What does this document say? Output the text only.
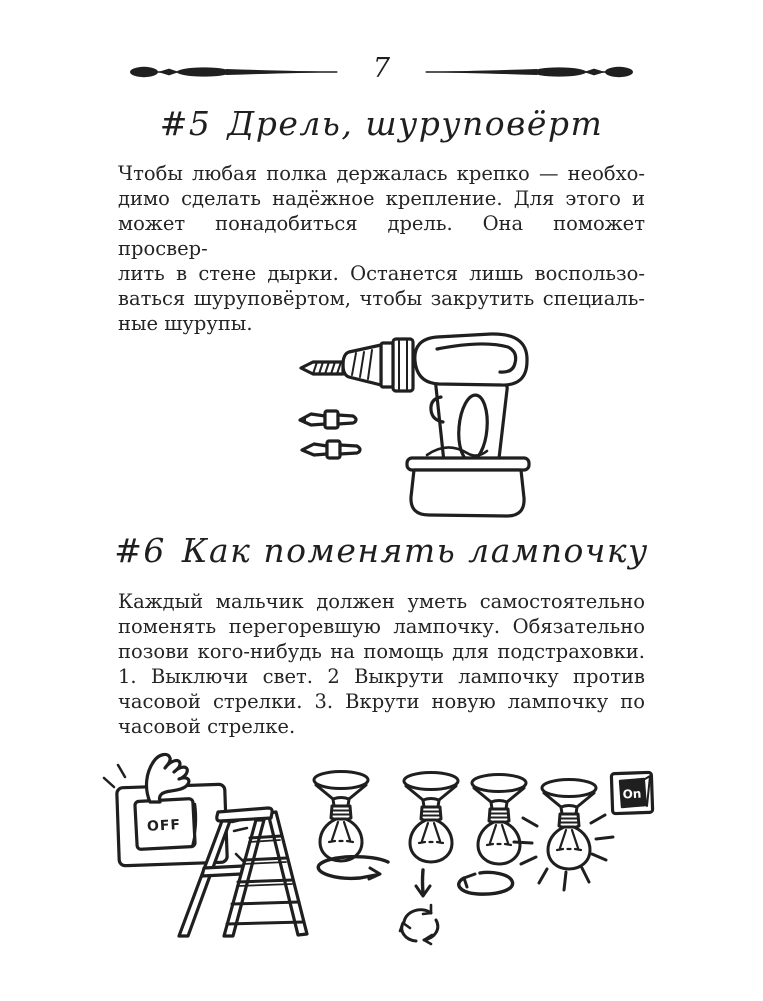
7
#5 Дрель, шуруповёрт
Чтобы любая полка держалась крепко — необхо-
димо сделать надёжное крепление. Для этого и
может понадобиться дрель. Она поможет просвер-
лить в стене дырки. Останется лишь воспользо-
ваться шуруповёртом, чтобы закрутить специаль-
ные шурупы.
#6 Как поменять лампочку
Каждый мальчик должен уметь самостоятельно
поменять перегоревшую лампочку. Обязательно
позови кого-нибудь на помощь для подстраховки.
1. Выключи свет. 2 Выкрути лампочку против
часовой стрелки. 3. Вкрути новую лампочку по
часовой стрелке.
OFF
On
